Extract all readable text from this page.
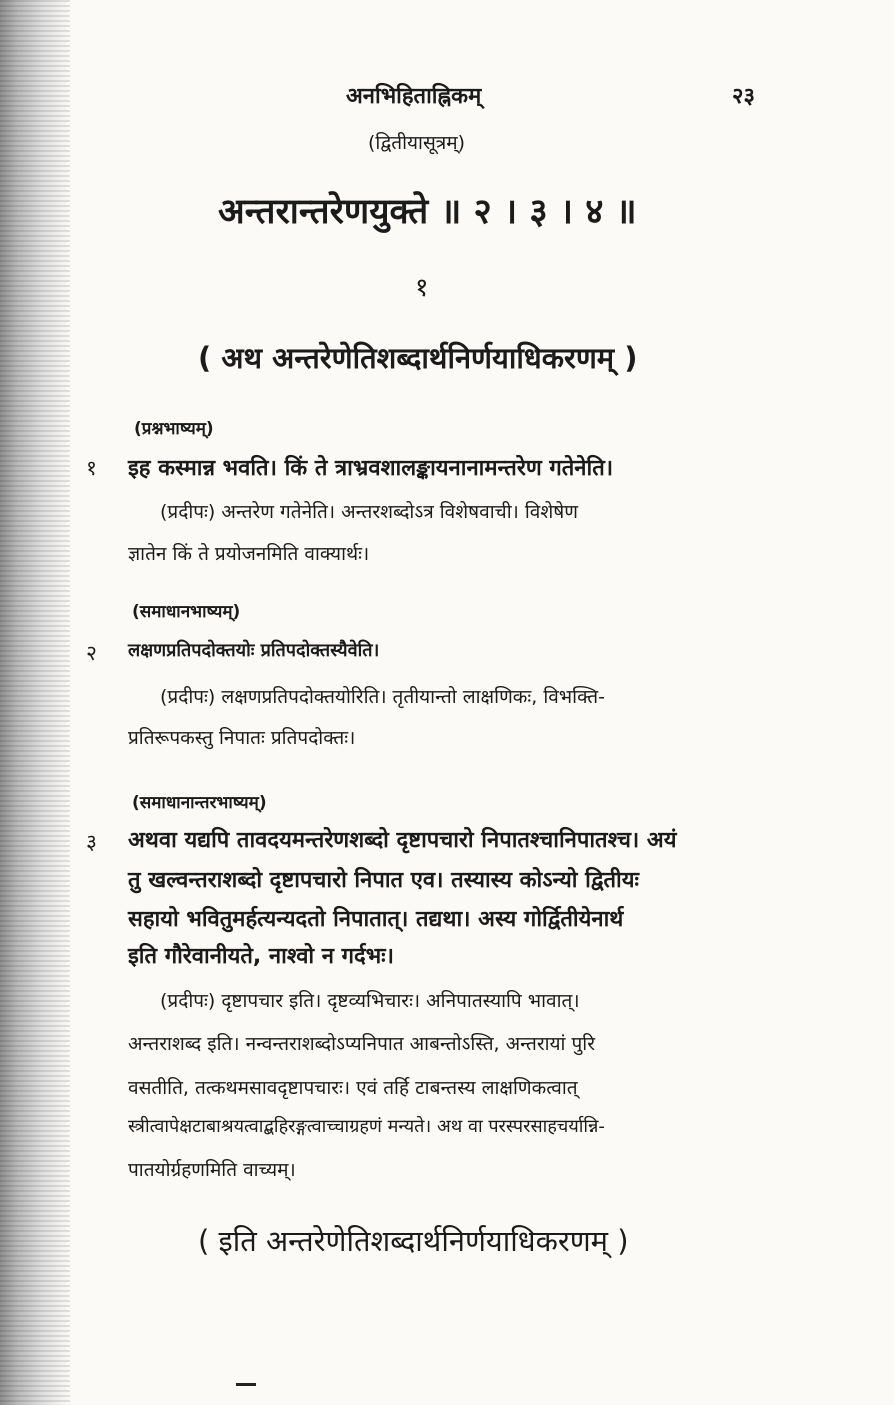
अनभिहिताह्निकम्	२३
(द्वितीयासूत्रम्)
अन्तरान्तरेणयुक्ते ॥ २ । ३ । ४ ॥
१
( अथ अन्तरेणेतिशब्दार्थनिर्णयाधिकरणम् )
(प्रश्नभाष्यम्)
१ इह कस्मान्न भवति। किं ते त्राभ्रवशालङ्कायनानामन्तरेण गतेनेति।
(प्रदीपः) अन्तरेण गतेनेति। अन्तरशब्दोऽत्र विशेषवाची। विशेषेण
ज्ञातेन किं ते प्रयोजनमिति वाक्यार्थः।
(समाधानभाष्यम्)
२ लक्षणप्रतिपदोक्तयोः प्रतिपदोक्तस्यैवेति।
(प्रदीपः) लक्षणप्रतिपदोक्तयोरिति। तृतीयान्तो लाक्षणिकः, विभक्ति-
प्रतिरूपकस्तु निपातः प्रतिपदोक्तः।
(समाधानान्तरभाष्यम्)
३ अथवा यद्यपि तावदयमन्तरेणशब्दो दृष्टापचारो निपातश्चानिपातश्च। अयं
तु खल्वन्तराशब्दो दृष्टापचारो निपात एव। तस्यास्य कोऽन्यो द्वितीयः
सहायो भवितुमर्हत्यन्यदतो निपातात्। तद्यथा। अस्य गोर्द्वितीयेनार्थ
इति गौरेवानीयते, नाश्वो न गर्दभः।
(प्रदीपः) दृष्टापचार इति। दृष्टव्यभिचारः। अनिपातस्यापि भावात्।
अन्तराशब्द इति। नन्वन्तराशब्दोऽप्यनिपात आबन्तोऽस्ति, अन्तरायां पुरि
वसतीति, तत्कथमसावदृष्टापचारः। एवं तर्हि टाबन्तस्य लाक्षणिकत्वात्
स्त्रीत्वापेक्षटाबाश्रयत्वाद्बहिरङ्गत्वाच्चाग्रहणं मन्यते। अथ वा परस्परसाहचर्यान्नि-
पातयोर्ग्रहणमिति वाच्यम्।
( इति अन्तरेणेतिशब्दार्थनिर्णयाधिकरणम् )
